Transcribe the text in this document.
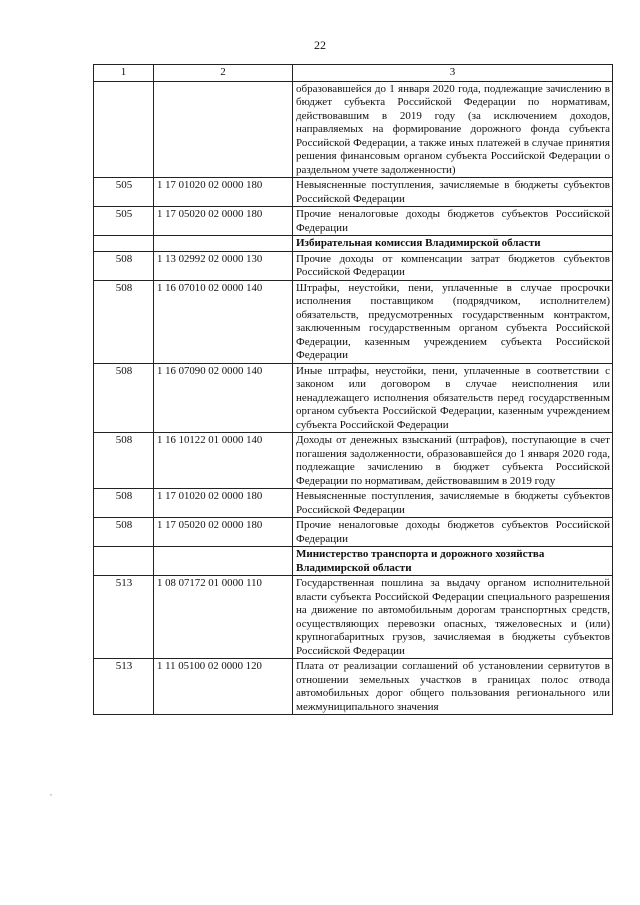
22
1	2	3
		образовавшейся до 1 января 2020 года, подлежащие зачислению в бюджет субъекта Российской Федерации по нормативам, действовавшим в 2019 году (за исключением доходов, направляемых на формирование дорожного фонда субъекта Российской Федерации, а также иных платежей в случае принятия решения финансовым органом субъекта Российской Федерации о раздельном учете задолженности)
505	1 17 01020 02 0000 180	Невыясненные поступления, зачисляемые в бюджеты субъектов Российской Федерации
505	1 17 05020 02 0000 180	Прочие неналоговые доходы бюджетов субъектов Российской Федерации
		Избирательная комиссия Владимирской области
508	1 13 02992 02 0000 130	Прочие доходы от компенсации затрат бюджетов субъектов Российской Федерации
508	1 16 07010 02 0000 140	Штрафы, неустойки, пени, уплаченные в случае просрочки исполнения поставщиком (подрядчиком, исполнителем) обязательств, предусмотренных государственным контрактом, заключенным государственным органом субъекта Российской Федерации, казенным учреждением субъекта Российской Федерации
508	1 16 07090 02 0000 140	Иные штрафы, неустойки, пени, уплаченные в соответствии с законом или договором в случае неисполнения или ненадлежащего исполнения обязательств перед государственным органом субъекта Российской Федерации, казенным учреждением субъекта Российской Федерации
508	1 16 10122 01 0000 140	Доходы от денежных взысканий (штрафов), поступающие в счет погашения задолженности, образовавшейся до 1 января 2020 года, подлежащие зачислению в бюджет субъекта Российской Федерации по нормативам, действовавшим в 2019 году
508	1 17 01020 02 0000 180	Невыясненные поступления, зачисляемые в бюджеты субъектов Российской Федерации
508	1 17 05020 02 0000 180	Прочие неналоговые доходы бюджетов субъектов Российской Федерации
		Министерство транспорта и дорожного хозяйства Владимирской области
513	1 08 07172 01 0000 110	Государственная пошлина за выдачу органом исполнительной власти субъекта Российской Федерации специального разрешения на движение по автомобильным дорогам транспортных средств, осуществляющих перевозки опасных, тяжеловесных и (или) крупногабаритных грузов, зачисляемая в бюджеты субъектов Российской Федерации
513	1 11 05100 02 0000 120	Плата от реализации соглашений об установлении сервитутов в отношении земельных участков в границах полос отвода автомобильных дорог общего пользования регионального или межмуниципального значения
,
